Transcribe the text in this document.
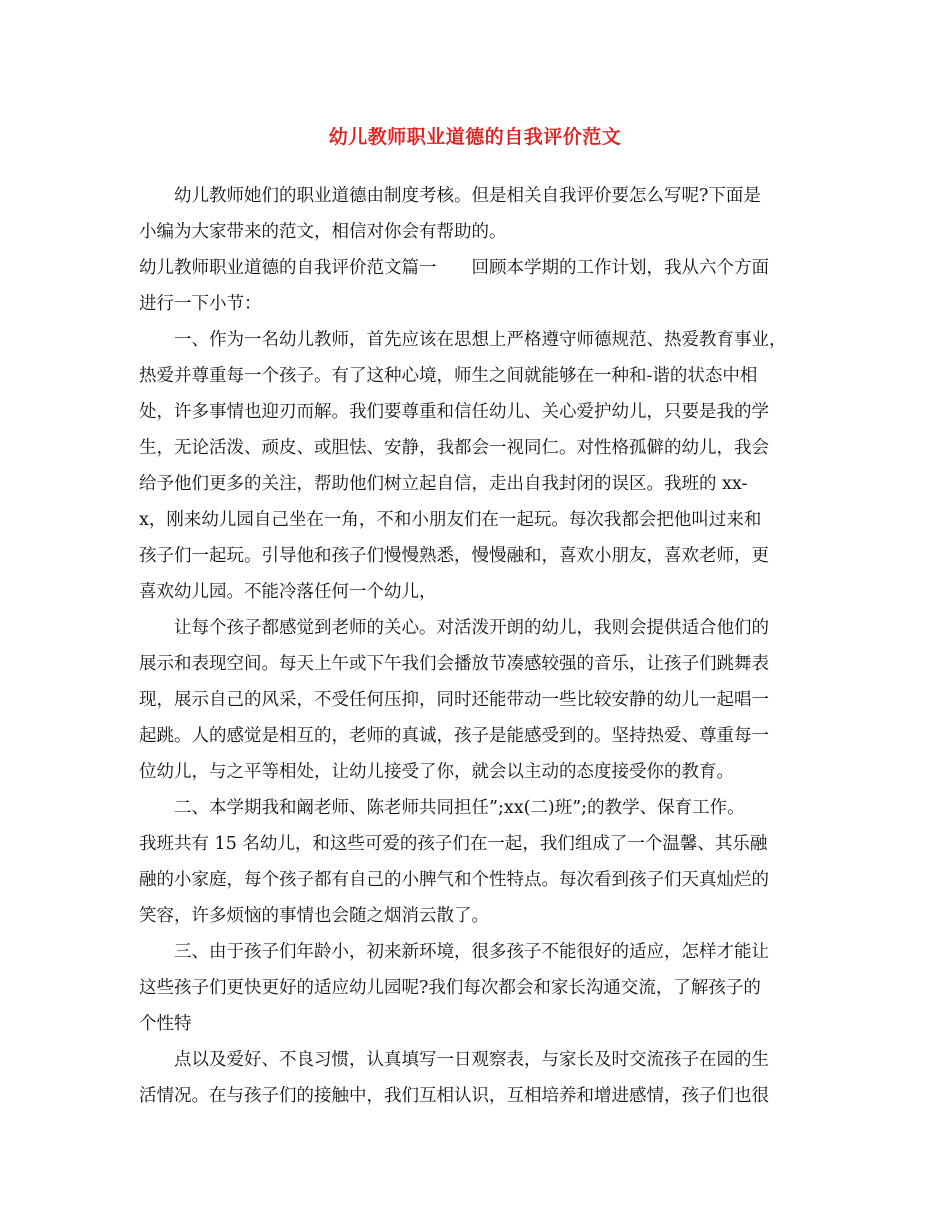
幼儿教师职业道德的自我评价范文
幼儿教师她们的职业道德由制度考核。但是相关自我评价要怎么写呢?下面是
小编为大家带来的范文，相信对你会有帮助的。
幼儿教师职业道德的自我评价范文篇一　　回顾本学期的工作计划，我从六个方面
进行一下小节：
一、作为一名幼儿教师，首先应该在思想上严格遵守师德规范、热爱教育事业，
热爱并尊重每一个孩子。有了这种心境，师生之间就能够在一种和-谐的状态中相
处，许多事情也迎刃而解。我们要尊重和信任幼儿、关心爱护幼儿，只要是我的学
生，无论活泼、顽皮、或胆怯、安静，我都会一视同仁。对性格孤僻的幼儿，我会
给予他们更多的关注，帮助他们树立起自信，走出自我封闭的误区。我班的 xx-
x，刚来幼儿园自己坐在一角，不和小朋友们在一起玩。每次我都会把他叫过来和
孩子们一起玩。引导他和孩子们慢慢熟悉，慢慢融和，喜欢小朋友，喜欢老师，更
喜欢幼儿园。不能冷落任何一个幼儿，
让每个孩子都感觉到老师的关心。对活泼开朗的幼儿，我则会提供适合他们的
展示和表现空间。每天上午或下午我们会播放节凑感较强的音乐，让孩子们跳舞表
现，展示自己的风采，不受任何压抑，同时还能带动一些比较安静的幼儿一起唱一
起跳。人的感觉是相互的，老师的真诚，孩子是能感受到的。坚持热爱、尊重每一
位幼儿，与之平等相处，让幼儿接受了你，就会以主动的态度接受你的教育。
二、本学期我和阚老师、陈老师共同担任”;xx(二)班”;的教学、保育工作。
我班共有 15 名幼儿，和这些可爱的孩子们在一起，我们组成了一个温馨、其乐融
融的小家庭，每个孩子都有自己的小脾气和个性特点。每次看到孩子们天真灿烂的
笑容，许多烦恼的事情也会随之烟消云散了。
三、由于孩子们年龄小，初来新环境，很多孩子不能很好的适应，怎样才能让
这些孩子们更快更好的适应幼儿园呢?我们每次都会和家长沟通交流，了解孩子的
个性特
点以及爱好、不良习惯，认真填写一日观察表，与家长及时交流孩子在园的生
活情况。在与孩子们的接触中，我们互相认识，互相培养和增进感情，孩子们也很
